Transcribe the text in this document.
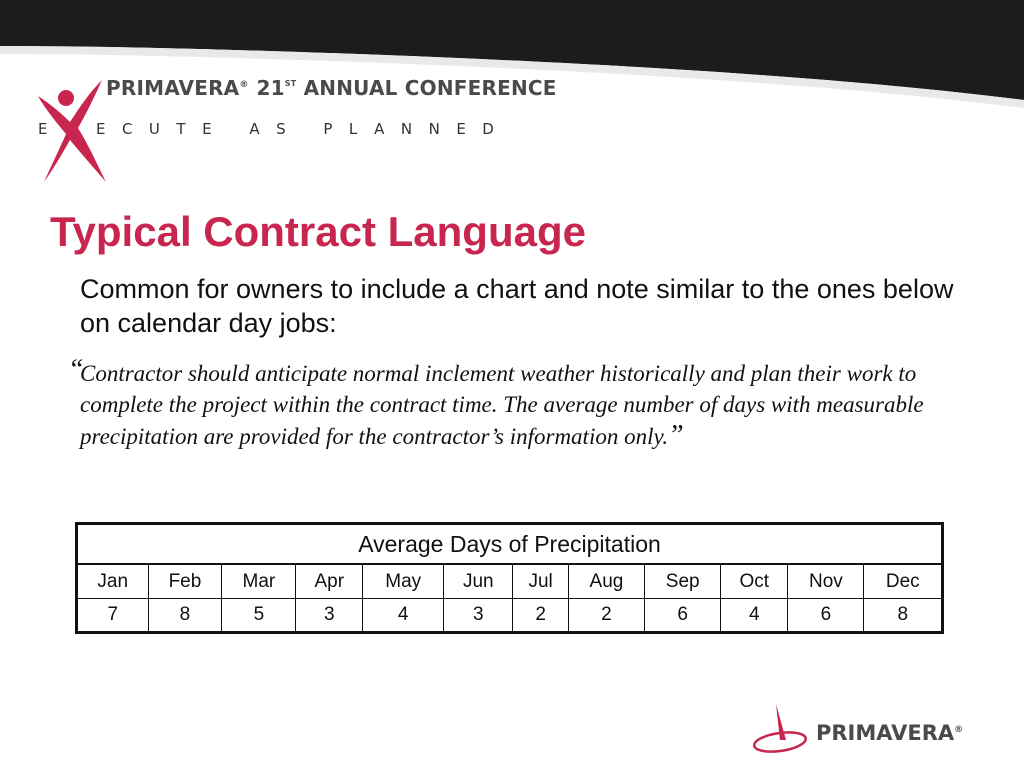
PRIMAVERA® 21ST ANNUAL CONFERENCE
E ECUTE AS PLANNED
Typical Contract Language

Common for owners to include a chart and note similar to the ones below on calendar day jobs:

“
Contractor should anticipate normal inclement weather historically and plan their work to complete the project within the contract time. The average number of days with measurable precipitation are provided for the contractor’s information only.”

Average Days of Precipitation											
Jan	Feb	Mar	Apr	May	Jun	Jul	Aug	Sep	Oct	Nov	Dec
7	8	5	3	4	3	2	2	6	4	6	8
PRIMAVERA®
